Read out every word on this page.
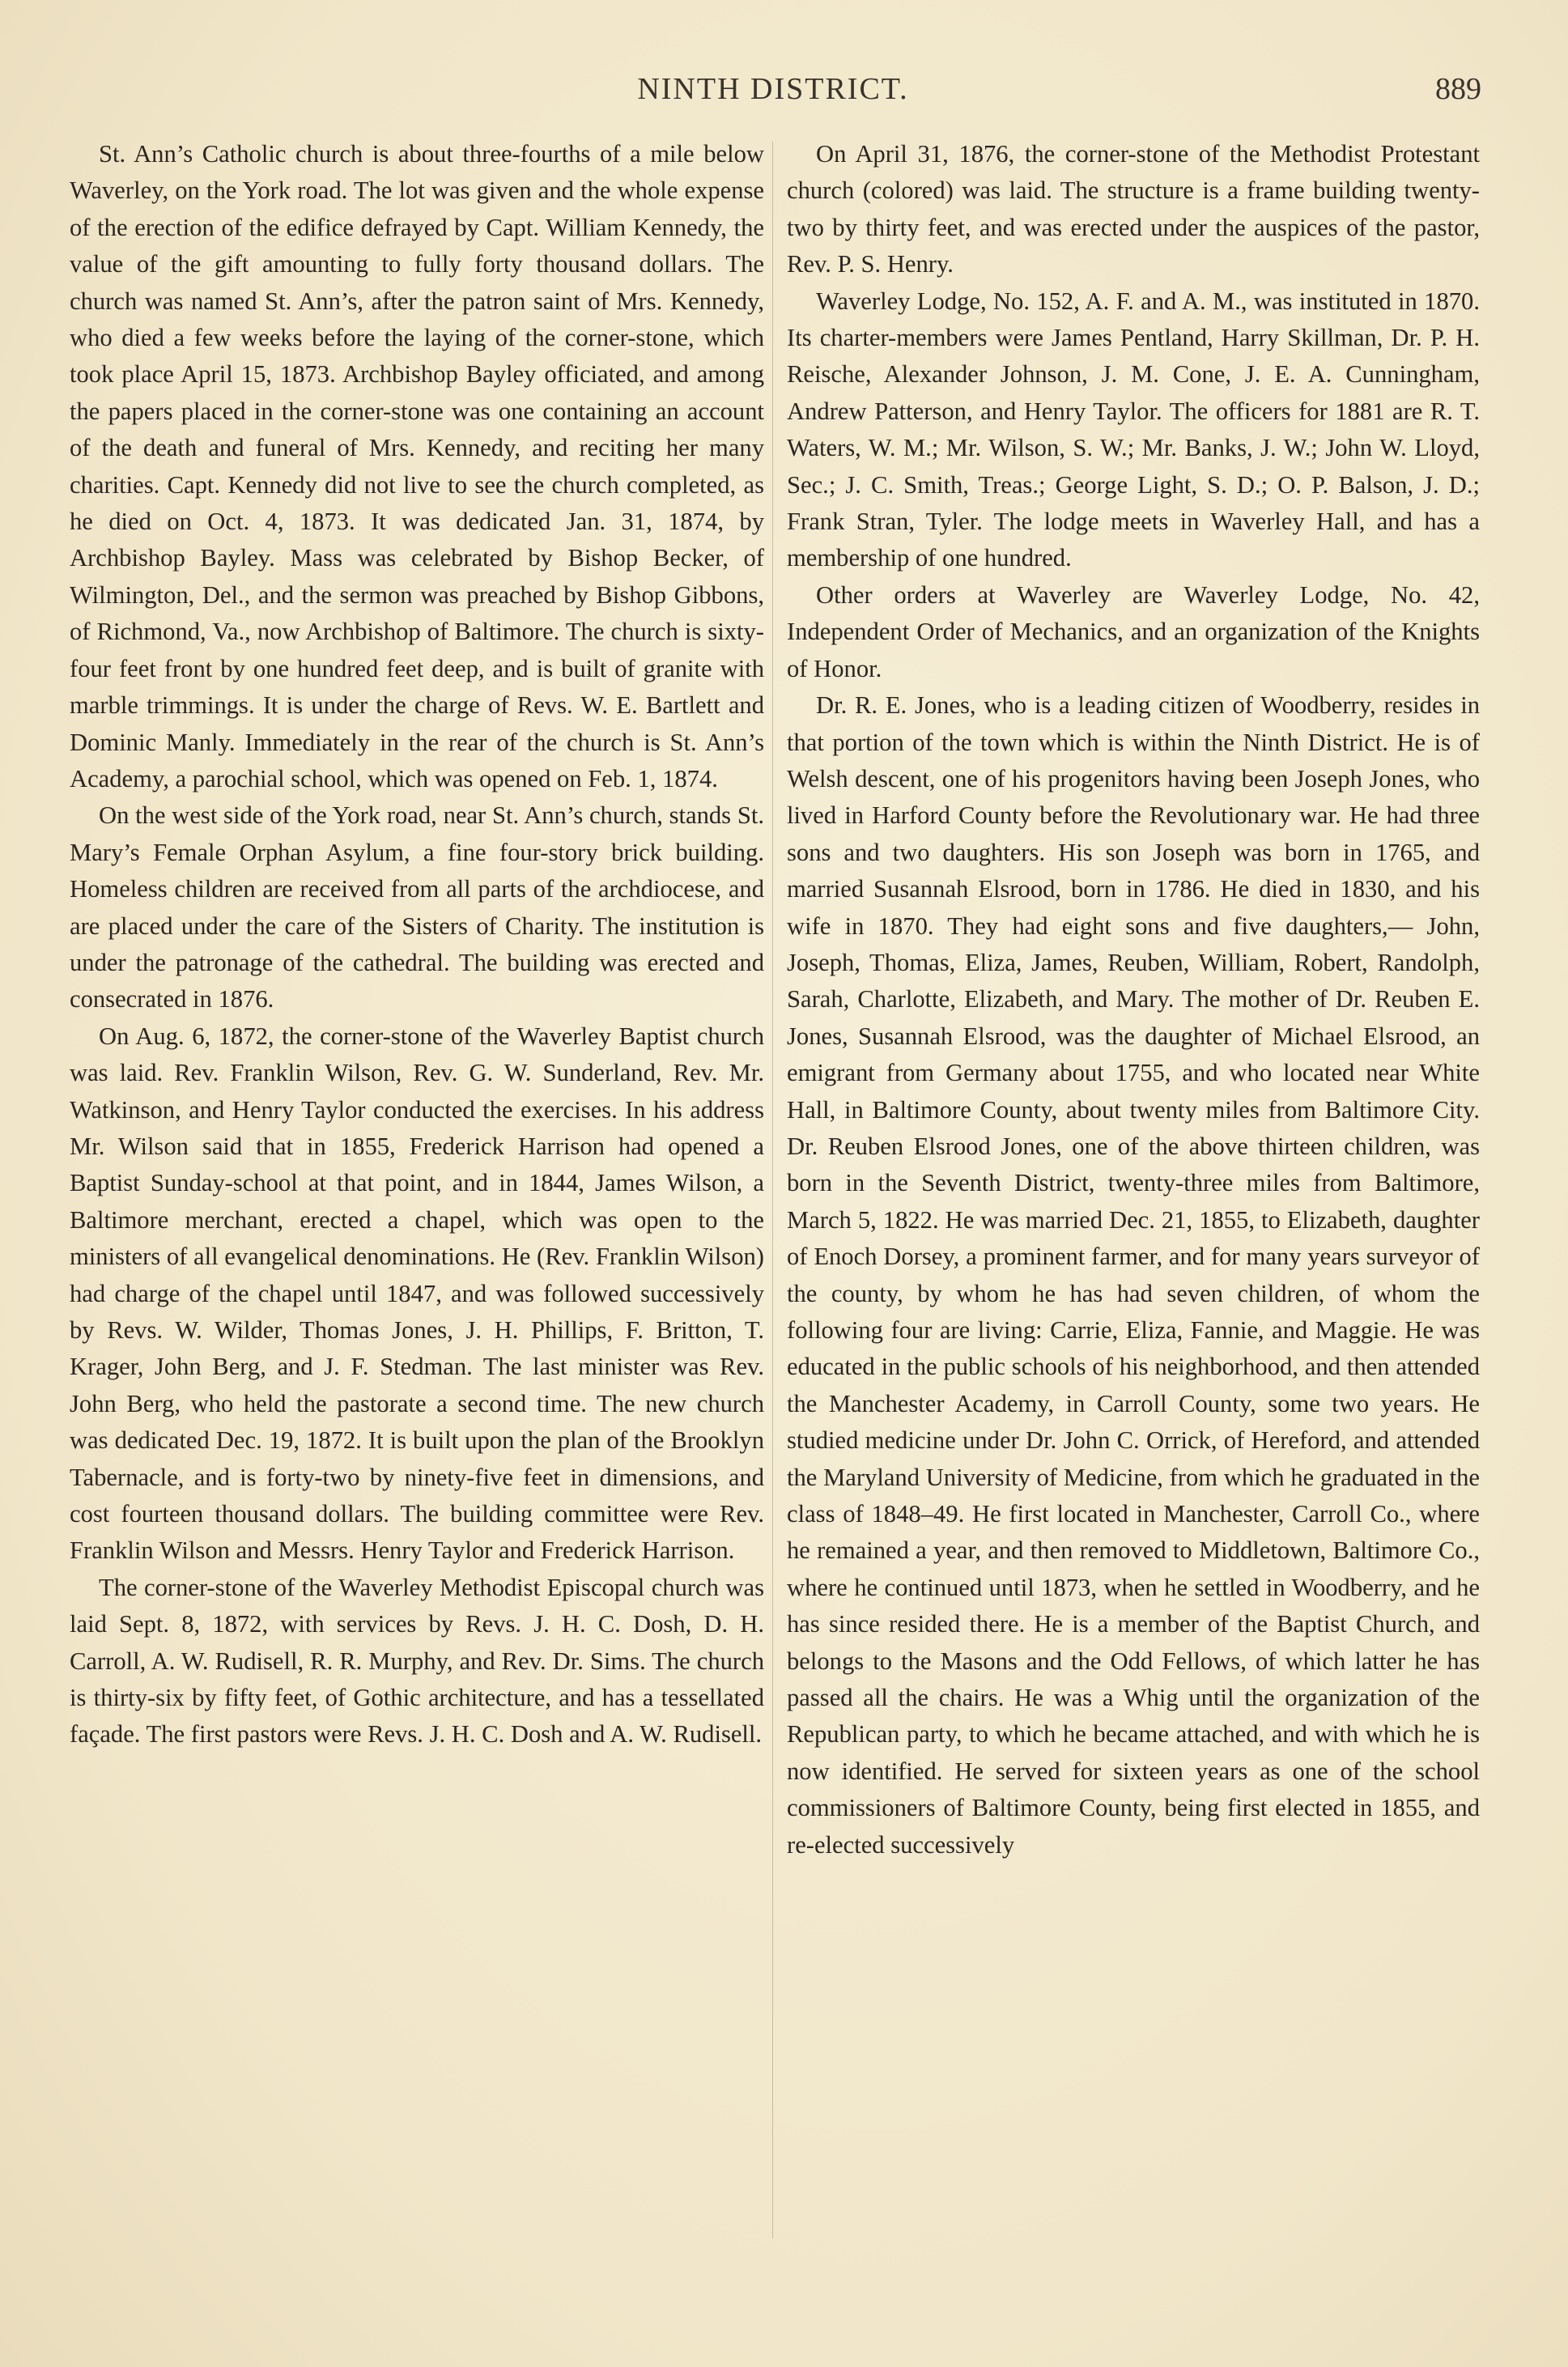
NINTH DISTRICT.	889

St. Ann’s Catholic church is about three-fourths of a mile below Waverley, on the York road. The lot was given and the whole expense of the erection of the edifice defrayed by Capt. William Kennedy, the value of the gift amounting to fully forty thousand dollars. The church was named St. Ann’s, after the patron saint of Mrs. Kennedy, who died a few weeks before the laying of the corner-stone, which took place April 15, 1873. Archbishop Bayley officiated, and among the papers placed in the corner-stone was one containing an account of the death and funeral of Mrs. Kennedy, and reciting her many charities. Capt. Kennedy did not live to see the church completed, as he died on Oct. 4, 1873. It was dedicated Jan. 31, 1874, by Archbishop Bayley. Mass was celebrated by Bishop Becker, of Wilmington, Del., and the sermon was preached by Bishop Gibbons, of Richmond, Va., now Archbishop of Baltimore. The church is sixty-four feet front by one hundred feet deep, and is built of granite with marble trimmings. It is under the charge of Revs. W. E. Bartlett and Dominic Manly. Immediately in the rear of the church is St. Ann’s Academy, a parochial school, which was opened on Feb. 1, 1874.

On the west side of the York road, near St. Ann’s church, stands St. Mary’s Female Orphan Asylum, a fine four-story brick building. Homeless children are received from all parts of the archdiocese, and are placed under the care of the Sisters of Charity. The institution is under the patronage of the cathedral. The building was erected and consecrated in 1876.

On Aug. 6, 1872, the corner-stone of the Waverley Baptist church was laid. Rev. Franklin Wilson, Rev. G. W. Sunderland, Rev. Mr. Watkinson, and Henry Taylor conducted the exercises. In his address Mr. Wilson said that in 1855, Frederick Harrison had opened a Baptist Sunday-school at that point, and in 1844, James Wilson, a Baltimore merchant, erected a chapel, which was open to the ministers of all evangelical denominations. He (Rev. Franklin Wilson) had charge of the chapel until 1847, and was followed successively by Revs. W. Wilder, Thomas Jones, J. H. Phillips, F. Britton, T. Krager, John Berg, and J. F. Stedman. The last minister was Rev. John Berg, who held the pastorate a second time. The new church was dedicated Dec. 19, 1872. It is built upon the plan of the Brooklyn Tabernacle, and is forty-two by ninety-five feet in dimensions, and cost fourteen thousand dollars. The building committee were Rev. Franklin Wilson and Messrs. Henry Taylor and Frederick Harrison.

The corner-stone of the Waverley Methodist Episcopal church was laid Sept. 8, 1872, with services by Revs. J. H. C. Dosh, D. H. Carroll, A. W. Rudisell, R. R. Murphy, and Rev. Dr. Sims. The church is thirty-six by fifty feet, of Gothic architecture, and has a tessellated façade. The first pastors were Revs. J. H. C. Dosh and A. W. Rudisell.

On April 31, 1876, the corner-stone of the Methodist Protestant church (colored) was laid. The structure is a frame building twenty-two by thirty feet, and was erected under the auspices of the pastor, Rev. P. S. Henry.

Waverley Lodge, No. 152, A. F. and A. M., was instituted in 1870. Its charter-members were James Pentland, Harry Skillman, Dr. P. H. Reische, Alexander Johnson, J. M. Cone, J. E. A. Cunningham, Andrew Patterson, and Henry Taylor. The officers for 1881 are R. T. Waters, W. M.; Mr. Wilson, S. W.; Mr. Banks, J. W.; John W. Lloyd, Sec.; J. C. Smith, Treas.; George Light, S. D.; O. P. Balson, J. D.; Frank Stran, Tyler. The lodge meets in Waverley Hall, and has a membership of one hundred.

Other orders at Waverley are Waverley Lodge, No. 42, Independent Order of Mechanics, and an organization of the Knights of Honor.

Dr. R. E. Jones, who is a leading citizen of Woodberry, resides in that portion of the town which is within the Ninth District. He is of Welsh descent, one of his progenitors having been Joseph Jones, who lived in Harford County before the Revolutionary war. He had three sons and two daughters. His son Joseph was born in 1765, and married Susannah Elsrood, born in 1786. He died in 1830, and his wife in 1870. They had eight sons and five daughters,— John, Joseph, Thomas, Eliza, James, Reuben, William, Robert, Randolph, Sarah, Charlotte, Elizabeth, and Mary. The mother of Dr. Reuben E. Jones, Susannah Elsrood, was the daughter of Michael Elsrood, an emigrant from Germany about 1755, and who located near White Hall, in Baltimore County, about twenty miles from Baltimore City. Dr. Reuben Elsrood Jones, one of the above thirteen children, was born in the Seventh District, twenty-three miles from Baltimore, March 5, 1822. He was married Dec. 21, 1855, to Elizabeth, daughter of Enoch Dorsey, a prominent farmer, and for many years surveyor of the county, by whom he has had seven children, of whom the following four are living: Carrie, Eliza, Fannie, and Maggie. He was educated in the public schools of his neighborhood, and then attended the Manchester Academy, in Carroll County, some two years. He studied medicine under Dr. John C. Orrick, of Hereford, and attended the Maryland University of Medicine, from which he graduated in the class of 1848–49. He first located in Manchester, Carroll Co., where he remained a year, and then removed to Middletown, Baltimore Co., where he continued until 1873, when he settled in Woodberry, and he has since resided there. He is a member of the Baptist Church, and belongs to the Masons and the Odd Fellows, of which latter he has passed all the chairs. He was a Whig until the organization of the Republican party, to which he became attached, and with which he is now identified. He served for sixteen years as one of the school commissioners of Baltimore County, being first elected in 1855, and re-elected successively
